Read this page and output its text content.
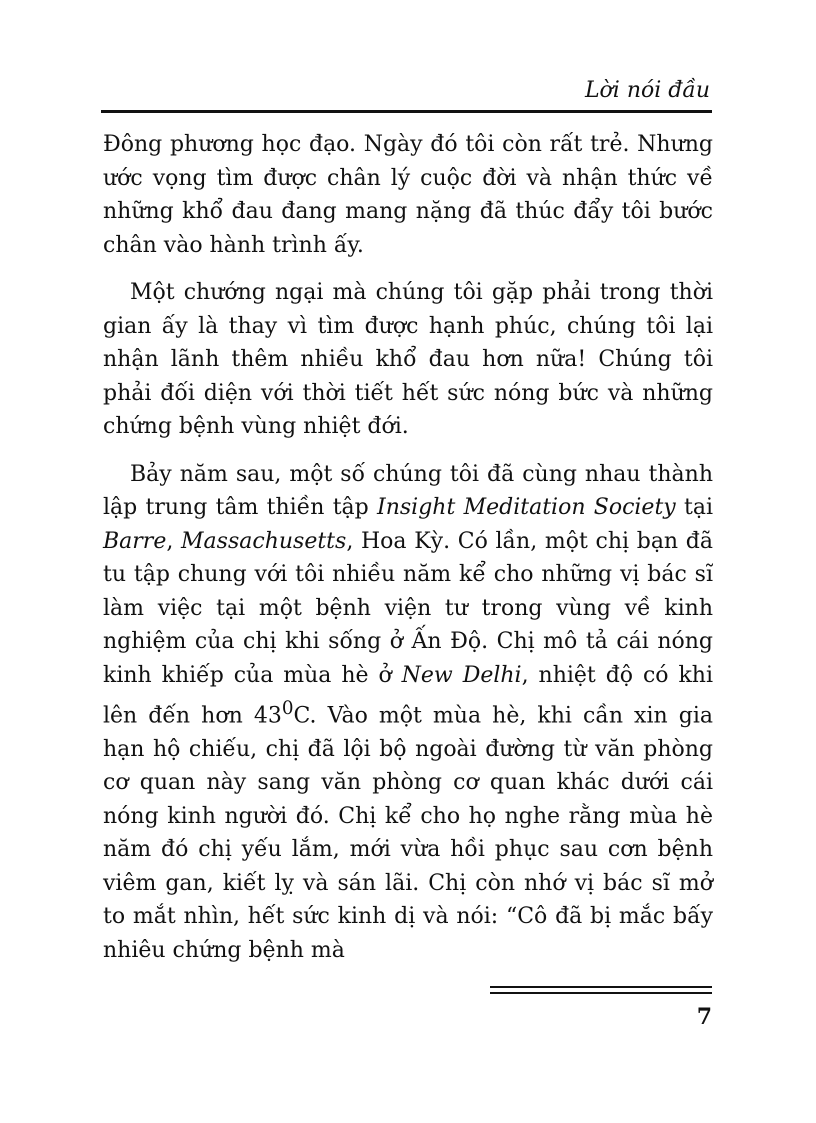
Lời nói đầu

Đông phương học đạo. Ngày đó tôi còn rất trẻ. Nhưng ước vọng tìm được chân lý cuộc đời và nhận thức về những khổ đau đang mang nặng đã thúc đẩy tôi bước chân vào hành trình ấy.

Một chướng ngại mà chúng tôi gặp phải trong thời gian ấy là thay vì tìm được hạnh phúc, chúng tôi lại nhận lãnh thêm nhiều khổ đau hơn nữa! Chúng tôi phải đối diện với thời tiết hết sức nóng bức và những chứng bệnh vùng nhiệt đới.

Bảy năm sau, một số chúng tôi đã cùng nhau thành lập trung tâm thiền tập Insight Meditation Society tại Barre, Massachusetts, Hoa Kỳ. Có lần, một chị bạn đã tu tập chung với tôi nhiều năm kể cho những vị bác sĩ làm việc tại một bệnh viện tư trong vùng về kinh nghiệm của chị khi sống ở Ấn Độ. Chị mô tả cái nóng kinh khiếp của mùa hè ở New Delhi, nhiệt độ có khi lên đến hơn $43^0C$. Vào một mùa hè, khi cần xin gia hạn hộ chiếu, chị đã lội bộ ngoài đường từ văn phòng cơ quan này sang văn phòng cơ quan khác dưới cái nóng kinh người đó. Chị kể cho họ nghe rằng mùa hè năm đó chị yếu lắm, mới vừa hồi phục sau cơn bệnh viêm gan, kiết lỵ và sán lãi. Chị còn nhớ vị bác sĩ mở to mắt nhìn, hết sức kinh dị và nói: “Cô đã bị mắc bấy nhiêu chứng bệnh mà

7
